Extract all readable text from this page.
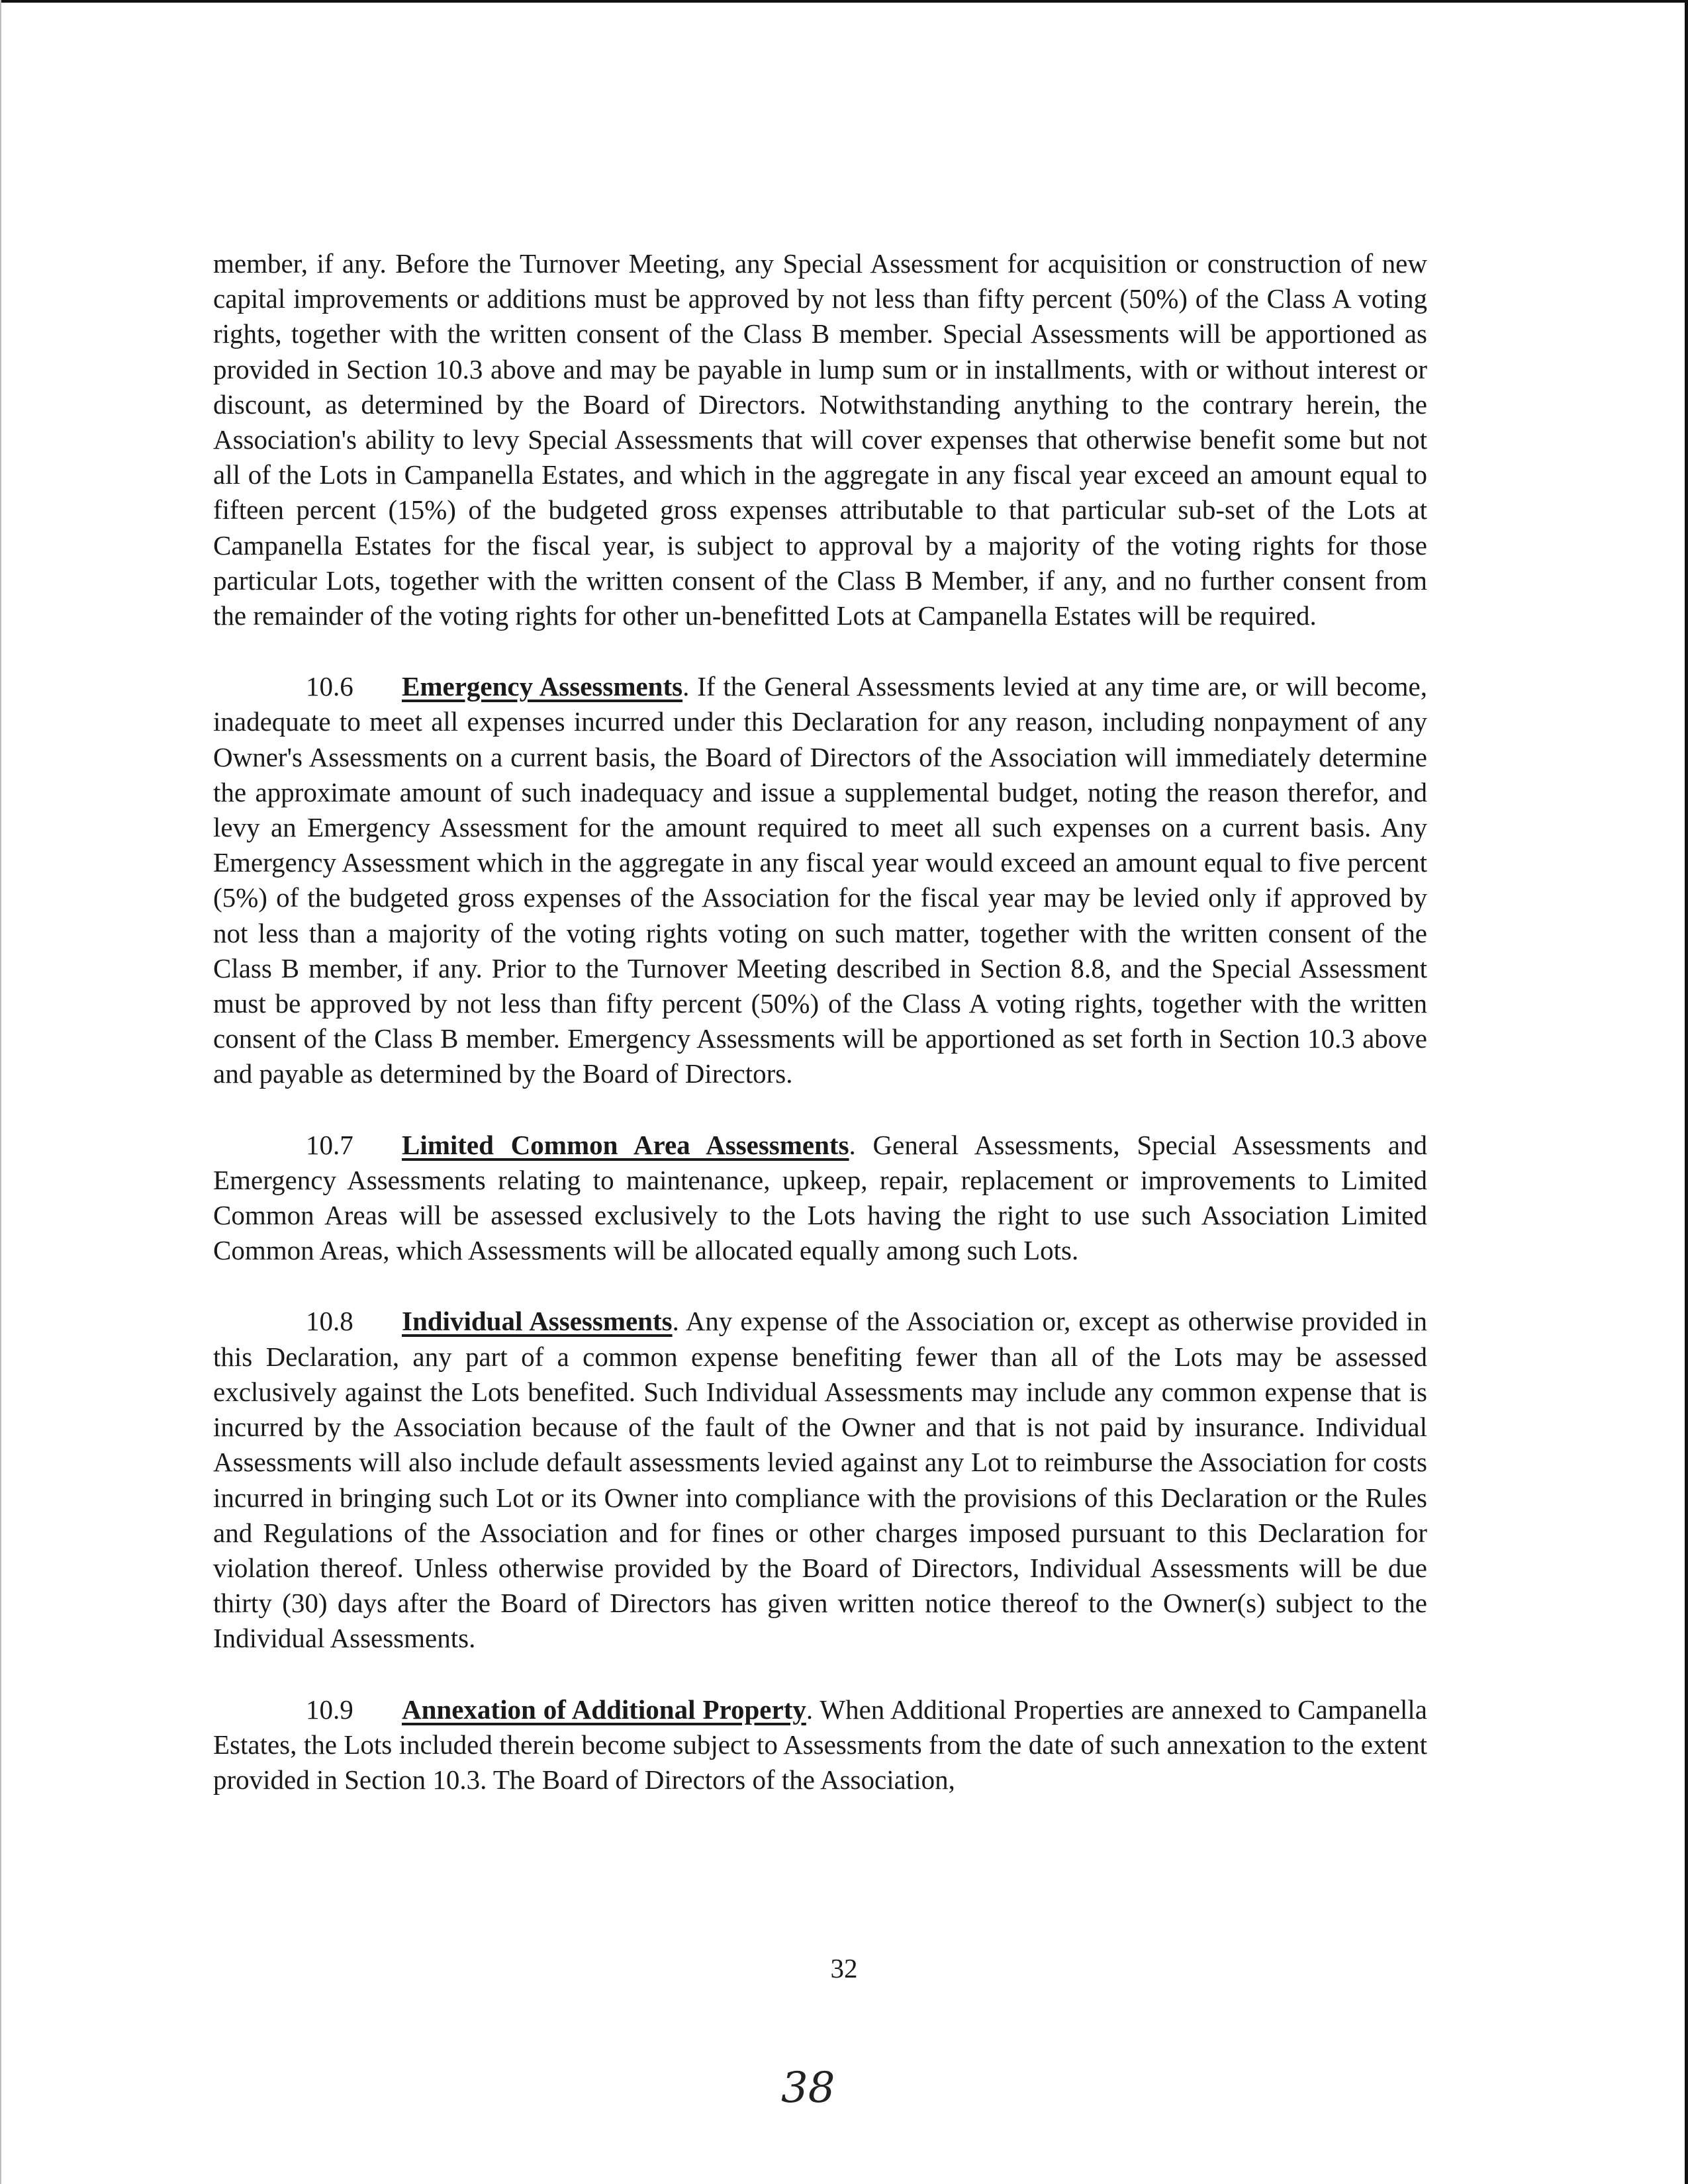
member, if any. Before the Turnover Meeting, any Special Assessment for acquisition or construction of new capital improvements or additions must be approved by not less than fifty percent (50%) of the Class A voting rights, together with the written consent of the Class B member. Special Assessments will be apportioned as provided in Section 10.3 above and may be payable in lump sum or in installments, with or without interest or discount, as determined by the Board of Directors. Notwithstanding anything to the contrary herein, the Association's ability to levy Special Assessments that will cover expenses that otherwise benefit some but not all of the Lots in Campanella Estates, and which in the aggregate in any fiscal year exceed an amount equal to fifteen percent (15%) of the budgeted gross expenses attributable to that particular sub-set of the Lots at Campanella Estates for the fiscal year, is subject to approval by a majority of the voting rights for those particular Lots, together with the written consent of the Class B Member, if any, and no further consent from the remainder of the voting rights for other un-benefitted Lots at Campanella Estates will be required.

10.6 Emergency Assessments. If the General Assessments levied at any time are, or will become, inadequate to meet all expenses incurred under this Declaration for any reason, including nonpayment of any Owner's Assessments on a current basis, the Board of Directors of the Association will immediately determine the approximate amount of such inadequacy and issue a supplemental budget, noting the reason therefor, and levy an Emergency Assessment for the amount required to meet all such expenses on a current basis. Any Emergency Assessment which in the aggregate in any fiscal year would exceed an amount equal to five percent (5%) of the budgeted gross expenses of the Association for the fiscal year may be levied only if approved by not less than a majority of the voting rights voting on such matter, together with the written consent of the Class B member, if any. Prior to the Turnover Meeting described in Section 8.8, and the Special Assessment must be approved by not less than fifty percent (50%) of the Class A voting rights, together with the written consent of the Class B member. Emergency Assessments will be apportioned as set forth in Section 10.3 above and payable as determined by the Board of Directors.

10.7 Limited Common Area Assessments. General Assessments, Special Assessments and Emergency Assessments relating to maintenance, upkeep, repair, replacement or improvements to Limited Common Areas will be assessed exclusively to the Lots having the right to use such Association Limited Common Areas, which Assessments will be allocated equally among such Lots.

10.8 Individual Assessments. Any expense of the Association or, except as otherwise provided in this Declaration, any part of a common expense benefiting fewer than all of the Lots may be assessed exclusively against the Lots benefited. Such Individual Assessments may include any common expense that is incurred by the Association because of the fault of the Owner and that is not paid by insurance. Individual Assessments will also include default assessments levied against any Lot to reimburse the Association for costs incurred in bringing such Lot or its Owner into compliance with the provisions of this Declaration or the Rules and Regulations of the Association and for fines or other charges imposed pursuant to this Declaration for violation thereof. Unless otherwise provided by the Board of Directors, Individual Assessments will be due thirty (30) days after the Board of Directors has given written notice thereof to the Owner(s) subject to the Individual Assessments.

10.9 Annexation of Additional Property. When Additional Properties are annexed to Campanella Estates, the Lots included therein become subject to Assessments from the date of such annexation to the extent provided in Section 10.3. The Board of Directors of the Association,

32
38
